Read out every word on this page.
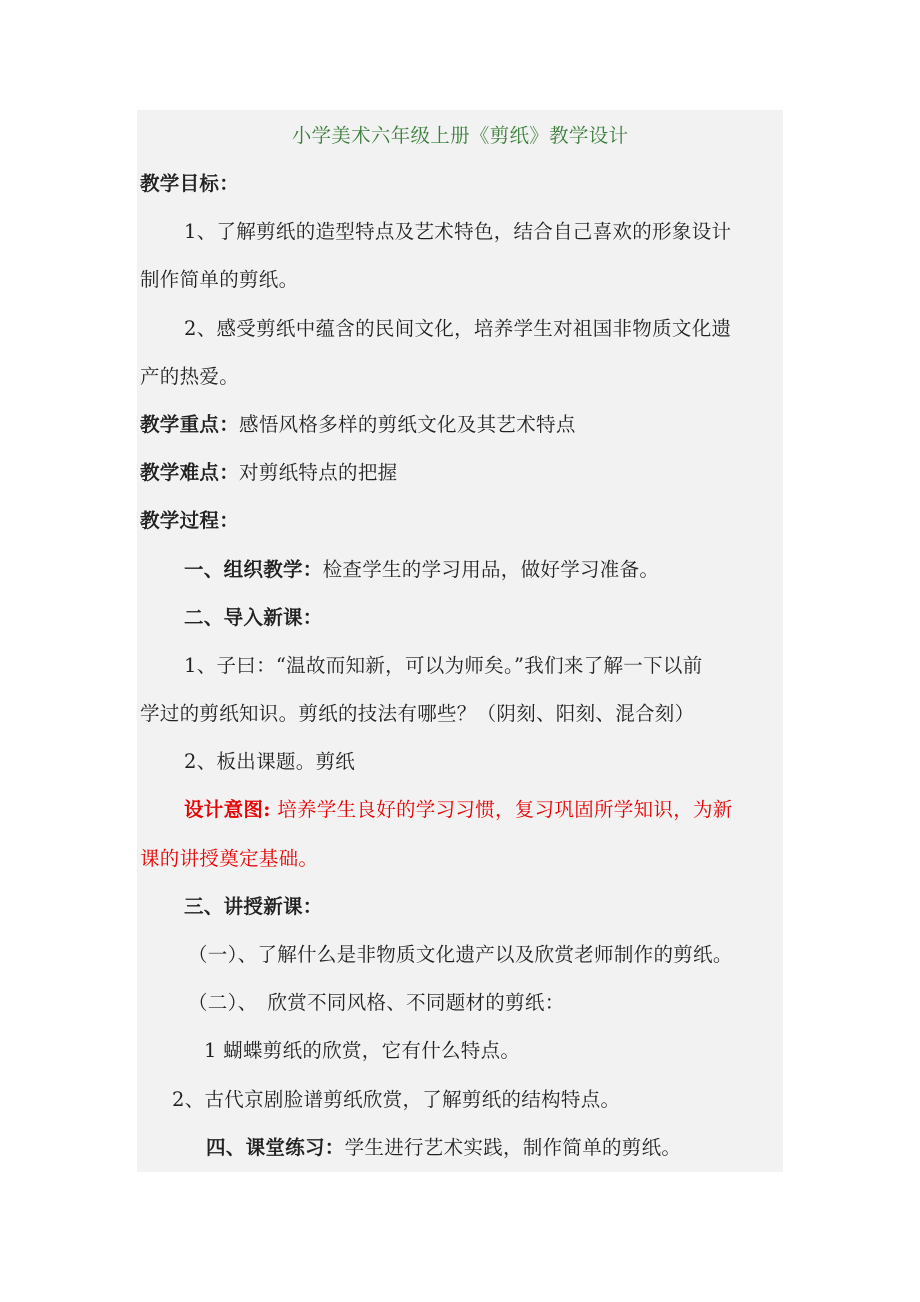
小学美术六年级上册《剪纸》教学设计
教学目标：
1、了解剪纸的造型特点及艺术特色，结合自己喜欢的形象设计
制作简单的剪纸。
2、感受剪纸中蕴含的民间文化，培养学生对祖国非物质文化遗
产的热爱。
教学重点：感悟风格多样的剪纸文化及其艺术特点
教学难点：对剪纸特点的把握
教学过程：
一、组织教学：检查学生的学习用品，做好学习准备。
二、导入新课：
1、子曰：“温故而知新，可以为师矣。”我们来了解一下以前
学过的剪纸知识。剪纸的技法有哪些？（阴刻、阳刻、混合刻）
2、板出课题。剪纸
设计意图: 培养学生良好的学习习惯，复习巩固所学知识，为新
课的讲授奠定基础。
三、讲授新课：
（一）、了解什么是非物质文化遗产以及欣赏老师制作的剪纸。
（二）、　欣赏不同风格、不同题材的剪纸：
1 蝴蝶剪纸的欣赏，它有什么特点。
2、古代京剧脸谱剪纸欣赏，了解剪纸的结构特点。
四、课堂练习：学生进行艺术实践，制作简单的剪纸。
